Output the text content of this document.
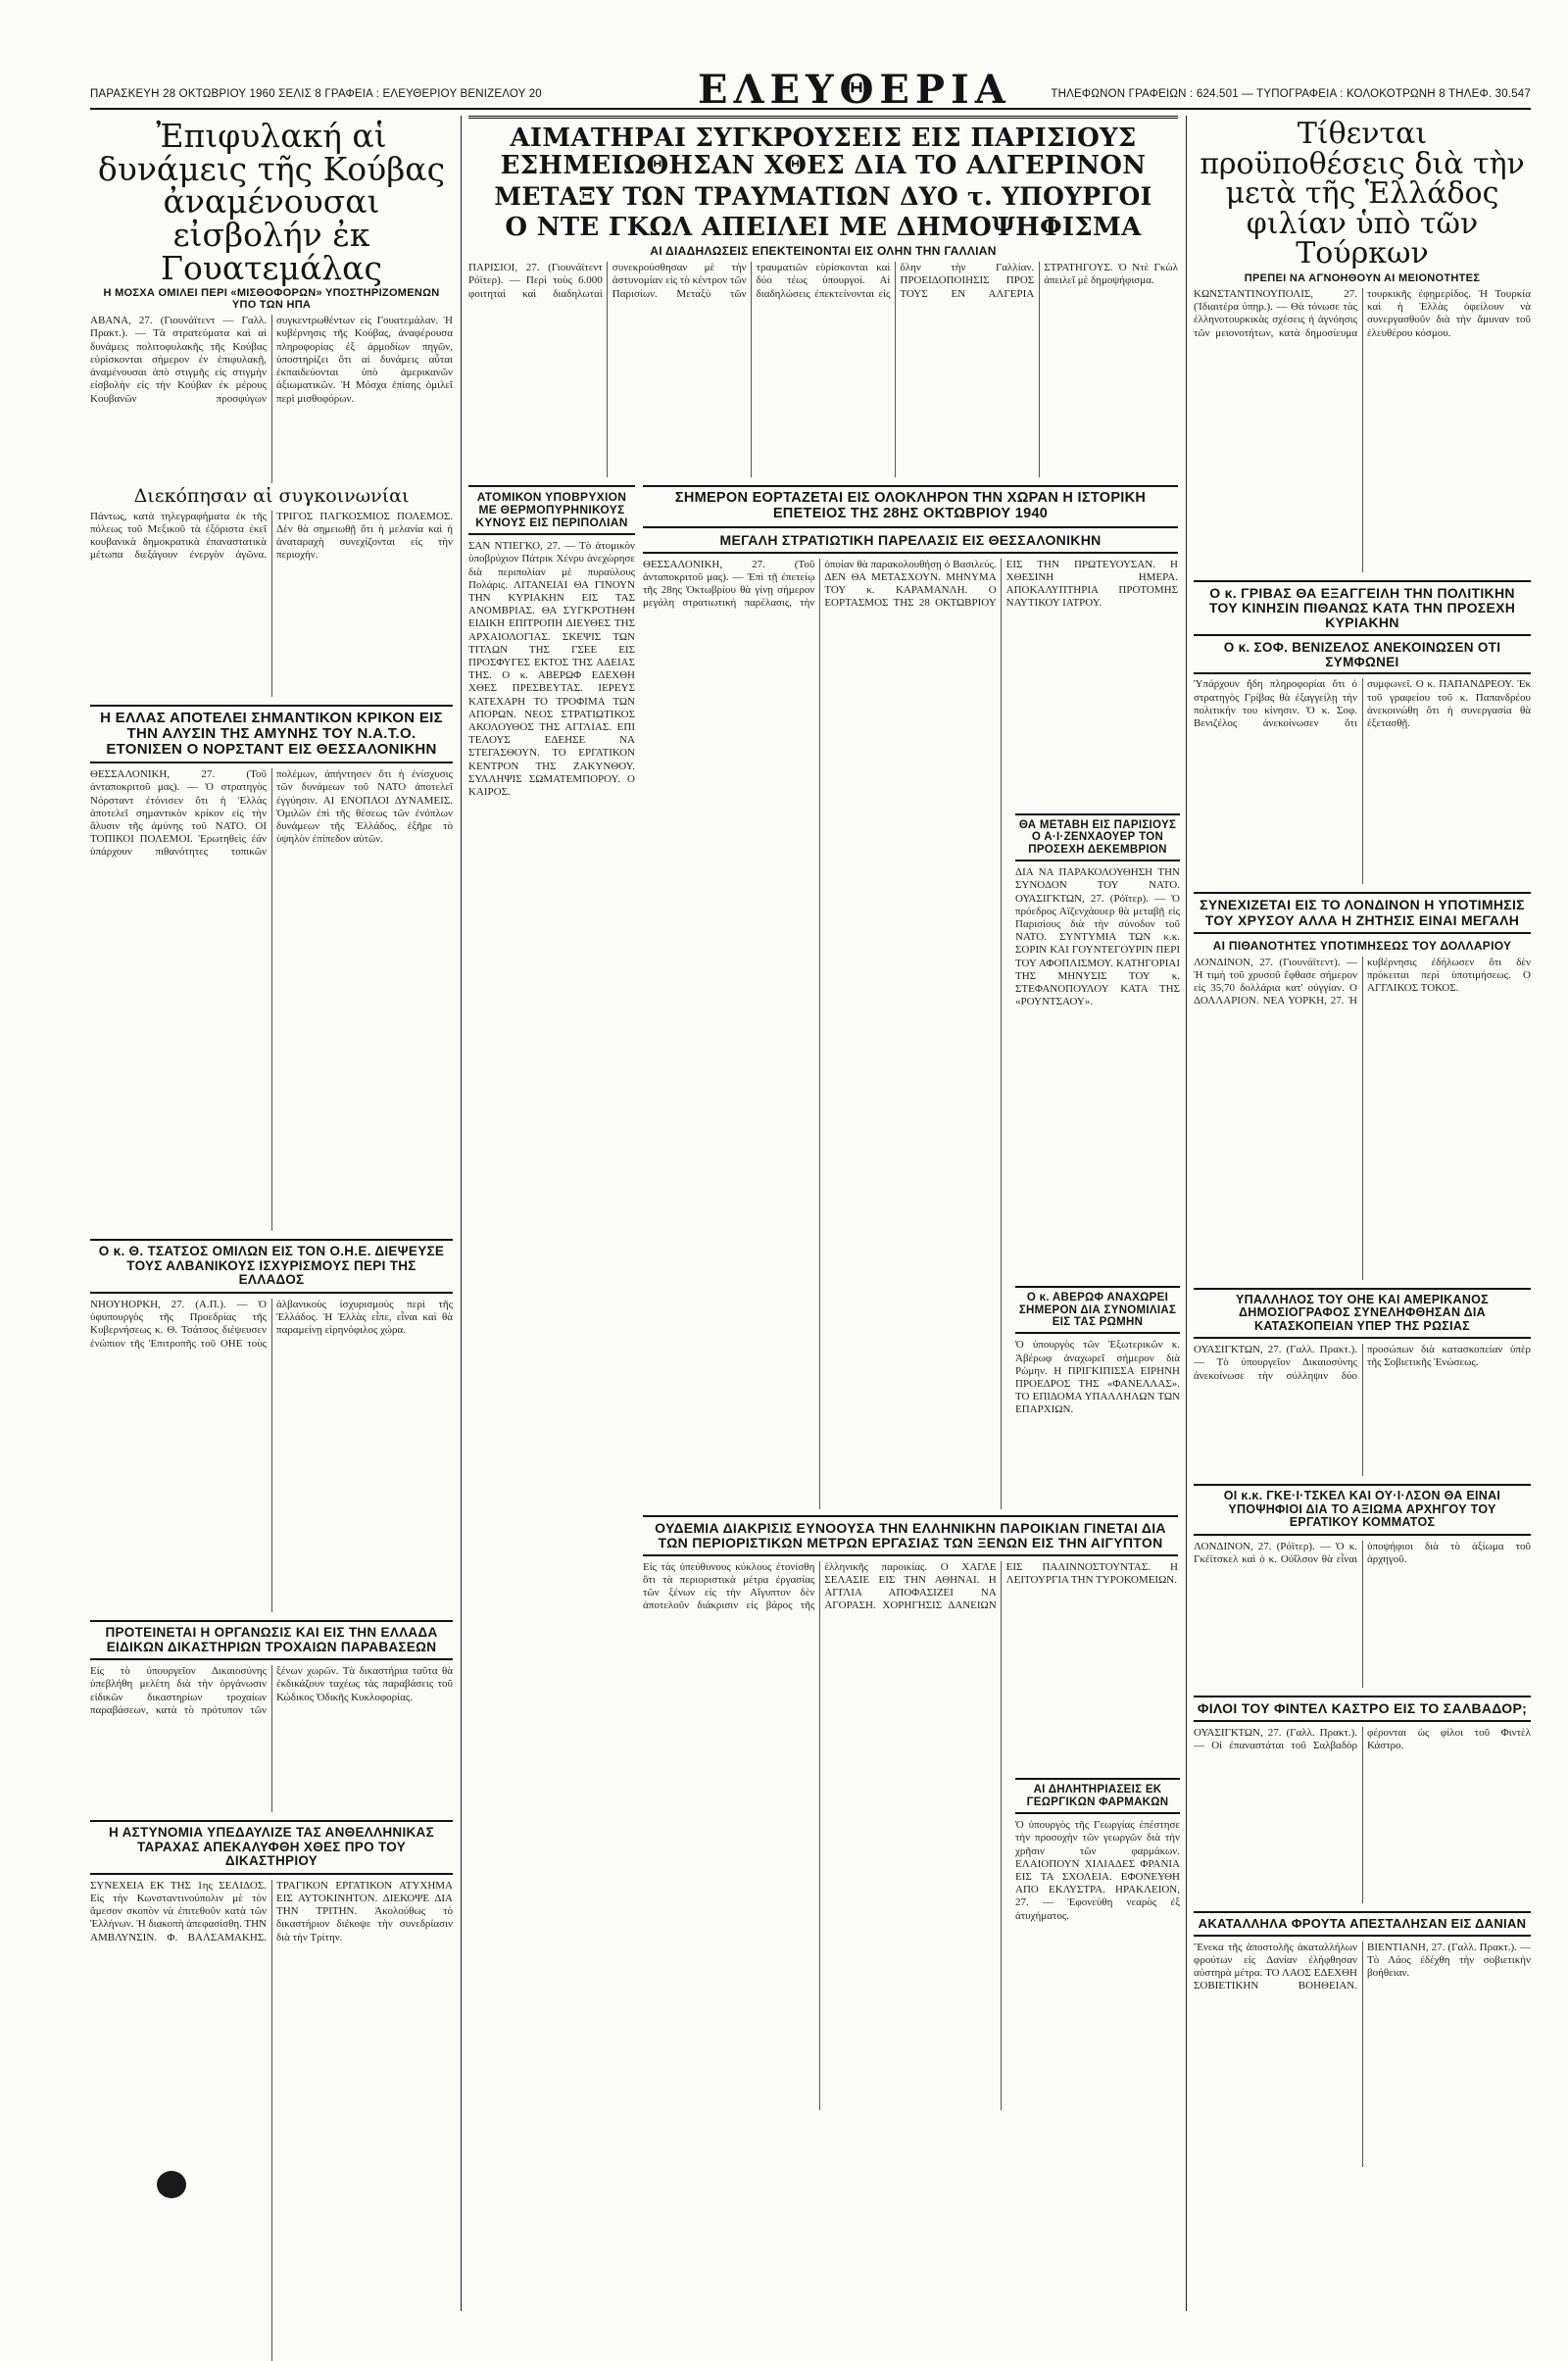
ΠΑΡΑΣΚΕΥΗ 28 ΟΚΤΩΒΡΙΟΥ 1960 ΣΕΛΙΣ 8 ΓΡΑΦΕΙΑ : ΕΛΕΥΘΕΡΙΟΥ ΒΕΝΙΖΕΛΟΥ 20	ΕΛΕΥΘΕΡΙΑ	ΤΗΛΕΦΩΝΟΝ ΓΡΑΦΕΙΩΝ : 624.501 — ΤΥΠΟΓΡΑΦΕΙΑ : ΚΟΛΟΚΟΤΡΩΝΗ 8 ΤΗΛΕΦ. 30.547
Ἐπιφυλακή αἱ δυνάμεις τῆς Κούβας ἀναμένουσαι εἰσβολήν ἐκ Γουατεμάλας
Η ΜΟΣΧΑ ΟΜΙΛΕΙ ΠΕΡΙ «ΜΙΣΘΟΦΟΡΩΝ» ΥΠΟΣΤΗΡΙΖΟΜΕΝΩΝ ΥΠΟ ΤΩΝ ΗΠΑ
ΑΒΑΝΑ, 27. (Γιουνάϊτεντ — Γαλλ. Πρακτ.). — Τὰ στρατεύματα καὶ αἱ δυνάμεις πολιτοφυλακῆς τῆς Κούβας εὑρίσκονται σήμερον ἐν ἐπιφυλακῇ, ἀναμένουσαι ἀπὸ στιγμῆς εἰς στιγμὴν εἰσβολὴν εἰς τὴν Κούβαν ἐκ μέρους Κουβανῶν προσφύγων συγκεντρωθέντων εἰς Γουατεμάλαν. Ἡ κυβέρνησις τῆς Κούβας, ἀναφέρουσα πληροφορίας ἐξ ἀρμοδίων πηγῶν, ὑποστηρίζει ὅτι αἱ δυνάμεις αὗται ἐκπαιδεύονται ὑπὸ ἀμερικανῶν ἀξιωματικῶν. Ἡ Μόσχα ἐπίσης ὁμιλεῖ περὶ μισθοφόρων.
Διεκόπησαν αἱ συγκοινωνίαι
Πάντως, κατὰ τηλεγραφήματα ἐκ τῆς πόλεως τοῦ Μεξικοῦ τὰ ἐξόριστα ἐκεῖ κουβανικὰ δημοκρατικὰ ἐπαναστατικὰ μέτωπα διεξάγουν ἐνεργὸν ἀγῶνα. ΤΡΙΓΟΣ ΠΑΓΚΟΣΜΙΟΣ ΠΟΛΕΜΟΣ. Δὲν θὰ σημειωθῇ ὅτι ἡ μελανία καὶ ἡ ἀναταραχὴ συνεχίζονται εἰς τὴν περιοχήν.
Η ΕΛΛΑΣ ΑΠΟΤΕΛΕΙ ΣΗΜΑΝΤΙΚΟΝ ΚΡΙΚΟΝ ΕΙΣ ΤΗΝ ΑΛΥΣΙΝ ΤΗΣ ΑΜΥΝΗΣ ΤΟΥ Ν.Α.Τ.Ο. ΕΤΟΝΙΣΕΝ Ο ΝΟΡΣΤΑΝΤ ΕΙΣ ΘΕΣΣΑΛΟΝΙΚΗΝ
ΘΕΣΣΑΛΟΝΙΚΗ, 27. (Τοῦ ἀνταποκριτοῦ μας). — Ὁ στρατηγὸς Νόρσταντ ἐτόνισεν ὅτι ἡ Ἑλλὰς ἀποτελεῖ σημαντικὸν κρίκον εἰς τὴν ἄλυσιν τῆς ἀμύνης τοῦ ΝΑΤΟ. ΟΙ ΤΟΠΙΚΟΙ ΠΟΛΕΜΟΙ. Ἐρωτηθεὶς ἐάν ὑπάρχουν πιθανότητες τοπικῶν πολέμων, ἀπήντησεν ὅτι ἡ ἐνίσχυσις τῶν δυνάμεων τοῦ ΝΑΤΟ ἀποτελεῖ ἐγγύησιν. ΑΙ ΕΝΟΠΛΟΙ ΔΥΝΑΜΕΙΣ. Ὁμιλῶν ἐπὶ τῆς θέσεως τῶν ἐνόπλων δυνάμεων τῆς Ἑλλάδος, ἐξῆρε τὸ ὑψηλὸν ἐπίπεδον αὐτῶν.
Ο κ. Θ. ΤΣΑΤΣΟΣ ΟΜΙΛΩΝ ΕΙΣ ΤΟΝ Ο.Η.Ε. ΔΙΕΨΕΥΣΕ ΤΟΥΣ ΑΛΒΑΝΙΚΟΥΣ ΙΣΧΥΡΙΣΜΟΥΣ ΠΕΡΙ ΤΗΣ ΕΛΛΑΔΟΣ
ΝΗΟΥΗΟΡΚΗ, 27. (Α.Π.). — Ὁ ὑφυπουργὸς τῆς Προεδρίας τῆς Κυβερνήσεως κ. Θ. Τσάτσος διέψευσεν ἐνώπιον τῆς Ἐπιτροπῆς τοῦ ΟΗΕ τοὺς ἀλβανικοὺς ἰσχυρισμοὺς περὶ τῆς Ἑλλάδος. Ἡ Ἑλλὰς εἶπε, εἶναι καὶ θὰ παραμείνῃ εἰρηνόφιλος χώρα.
ΠΡΟΤΕΙΝΕΤΑΙ Η ΟΡΓΑΝΩΣΙΣ ΚΑΙ ΕΙΣ ΤΗΝ ΕΛΛΑΔΑ ΕΙΔΙΚΩΝ ΔΙΚΑΣΤΗΡΙΩΝ ΤΡΟΧΑΙΩΝ ΠΑΡΑΒΑΣΕΩΝ
Εἰς τὸ ὑπουργεῖον Δικαιοσύνης ὑπεβλήθη μελέτη διὰ τὴν ὀργάνωσιν εἰδικῶν δικαστηρίων τροχαίων παραβάσεων, κατὰ τὸ πρότυπον τῶν ξένων χωρῶν. Τὰ δικαστήρια ταῦτα θὰ ἐκδικάζουν ταχέως τὰς παραβάσεις τοῦ Κώδικος Ὁδικῆς Κυκλοφορίας.
Η ΑΣΤΥΝΟΜΙΑ ΥΠΕΔΑΥΛΙΖΕ ΤΑΣ ΑΝΘΕΛΛΗΝΙΚΑΣ ΤΑΡΑΧΑΣ ΑΠΕΚΑΛΥΦΘΗ ΧΘΕΣ ΠΡΟ ΤΟΥ ΔΙΚΑΣΤΗΡΙΟΥ
ΣΥΝΕΧΕΙΑ ΕΚ ΤΗΣ 1ης ΣΕΛΙΔΟΣ. Εἰς τὴν Κωνσταντινούπολιν μὲ τὸν ἄμεσον σκοπὸν νὰ ἐπιτεθοῦν κατὰ τῶν Ἑλλήνων. Ἡ διακοπὴ ἀπεφασίσθη. ΤΗΝ ΑΜΒΛΥΝΣΙΝ. Φ. ΒΑΛΣΑΜΑΚΗΣ. ΤΡΑΓΙΚΟΝ ΕΡΓΑΤΙΚΟΝ ΑΤΥΧΗΜΑ ΕΙΣ ΑΥΤΟΚΙΝΗΤΟΝ. ΔΙΕΚΟΨΕ ΔΙΑ ΤΗΝ ΤΡΙΤΗΝ. Ἀκολούθως τὸ δικαστήριον διέκοψε τὴν συνεδρίασιν διὰ τὴν Τρίτην.
ΑΙΜΑΤΗΡΑΙ ΣΥΓΚΡΟΥΣΕΙΣ ΕΙΣ ΠΑΡΙΣΙΟΥΣ ΕΣΗΜΕΙΩΘΗΣΑΝ ΧΘΕΣ ΔΙΑ ΤΟ ΑΛΓΕΡΙΝΟΝ
ΜΕΤΑΞΥ ΤΩΝ ΤΡΑΥΜΑΤΙΩΝ ΔΥΟ τ. ΥΠΟΥΡΓΟΙ
Ο ΝΤΕ ΓΚΩΛ ΑΠΕΙΛΕΙ ΜΕ ΔΗΜΟΨΗΦΙΣΜΑ
ΑΙ ΔΙΑΔΗΛΩΣΕΙΣ ΕΠΕΚΤΕΙΝΟΝΤΑΙ ΕΙΣ ΟΛΗΝ ΤΗΝ ΓΑΛΛΙΑΝ
ΠΑΡΙΣΙΟΙ, 27. (Γιουνάϊτεντ Ρόϊτερ). — Περὶ τοὺς 6.000 φοιτηταὶ καὶ διαδηλωταὶ συνεκρούσθησαν μὲ τὴν ἀστυνομίαν εἰς τὸ κέντρον τῶν Παρισίων. Μεταξὺ τῶν τραυματιῶν εὑρίσκονται καὶ δύο τέως ὑπουργοί. Αἱ διαδηλώσεις ἐπεκτείνονται εἰς ὅλην τὴν Γαλλίαν. ΠΡΟΕΙΔΟΠΟΙΗΣΙΣ ΠΡΟΣ ΤΟΥΣ ΕΝ ΑΛΓΕΡΙΑ ΣΤΡΑΤΗΓΟΥΣ. Ὁ Ντὲ Γκὼλ ἀπειλεῖ μὲ δημοψήφισμα.
ΑΤΟΜΙΚΟΝ ΥΠΟΒΡΥΧΙΟΝ ΜΕ ΘΕΡΜΟΠΥΡΗΝΙΚΟΥΣ ΚΥΝΟΥΣ ΕΙΣ ΠΕΡΙΠΟΛΙΑΝ
ΣΑΝ ΝΤΙΕΓΚΟ, 27. — Τὸ ἀτομικὸν ὑποβρύχιον Πάτρικ Χένρυ ἀνεχώρησε διὰ περιπολίαν μὲ πυραύλους Πολάρις. ΛΙΤΑΝΕΙΑΙ ΘΑ ΓΙΝΟΥΝ ΤΗΝ ΚΥΡΙΑΚΗΝ ΕΙΣ ΤΑΣ ΑΝΟΜΒΡΙΑΣ. ΘΑ ΣΥΓΚΡΟΤΗΘΗ ΕΙΔΙΚΗ ΕΠΙΤΡΟΠΗ ΔΙΕΥΘΕΣ ΤΗΣ ΑΡΧΑΙΟΛΟΓΙΑΣ. ΣΚΕΨΙΣ ΤΩΝ ΤΙΤΛΩΝ ΤΗΣ ΓΣΕΕ ΕΙΣ ΠΡΟΣΦΥΓΕΣ ΕΚΤΟΣ ΤΗΣ ΑΔΕΙΑΣ ΤΗΣ. Ο κ. ΑΒΕΡΩΦ ΕΔΕΧΘΗ ΧΘΕΣ ΠΡΕΣΒΕΥΤΑΣ. ΙΕΡΕΥΣ ΚΑΤΕΧΑΡΗ ΤΟ ΤΡΟΦΙΜΑ ΤΩΝ ΑΠΟΡΩΝ. ΝΕΟΣ ΣΤΡΑΤΙΩΤΙΚΟΣ ΑΚΟΛΟΥΘΟΣ ΤΗΣ ΑΓΓΛΙΑΣ. ΕΠΙ ΤΕΛΟΥΣ ΕΔΕΗΣΕ ΝΑ ΣΤΕΓΑΣΘΟΥΝ. ΤΟ ΕΡΓΑΤΙΚΟΝ ΚΕΝΤΡΟΝ ΤΗΣ ΖΑΚΥΝΘΟΥ. ΣΥΛΛΗΨΙΣ ΣΩΜΑΤΕΜΠΟΡΟΥ. Ο ΚΑΙΡΟΣ.
ΣΗΜΕΡΟΝ ΕΟΡΤΑΖΕΤΑΙ ΕΙΣ ΟΛΟΚΛΗΡΟΝ ΤΗΝ ΧΩΡΑΝ Η ΙΣΤΟΡΙΚΗ ΕΠΕΤΕΙΟΣ ΤΗΣ 28ΗΣ ΟΚΤΩΒΡΙΟΥ 1940
ΜΕΓΑΛΗ ΣΤΡΑΤΙΩΤΙΚΗ ΠΑΡΕΛΑΣΙΣ ΕΙΣ ΘΕΣΣΑΛΟΝΙΚΗΝ
ΘΕΣΣΑΛΟΝΙΚΗ, 27. (Τοῦ ἀνταποκριτοῦ μας). — Ἐπὶ τῇ ἐπετείῳ τῆς 28ης Ὀκτωβρίου θὰ γίνῃ σήμερον μεγάλη στρατιωτικὴ παρέλασις, τὴν ὁποίαν θὰ παρακολουθήσῃ ὁ Βασιλεύς. ΔΕΝ ΘΑ ΜΕΤΑΣΧΟΥΝ. ΜΗΝΥΜΑ ΤΟΥ κ. ΚΑΡΑΜΑΝΛΗ. Ο ΕΟΡΤΑΣΜΟΣ ΤΗΣ 28 ΟΚΤΩΒΡΙΟΥ ΕΙΣ ΤΗΝ ΠΡΩΤΕΥΟΥΣΑΝ. Η ΧΘΕΣΙΝΗ ΗΜΕΡΑ. ΑΠΟΚΑΛΥΠΤΗΡΙΑ ΠΡΟΤΟΜΗΣ ΝΑΥΤΙΚΟΥ ΙΑΤΡΟΥ.
ΟΥΔΕΜΙΑ ΔΙΑΚΡΙΣΙΣ ΕΥΝΟΟΥΣΑ ΤΗΝ ΕΛΛΗΝΙΚΗΝ ΠΑΡΟΙΚΙΑΝ ΓΙΝΕΤΑΙ ΔΙΑ ΤΩΝ ΠΕΡΙΟΡΙΣΤΙΚΩΝ ΜΕΤΡΩΝ ΕΡΓΑΣΙΑΣ ΤΩΝ ΞΕΝΩΝ ΕΙΣ ΤΗΝ ΑΙΓΥΠΤΟΝ
Εἰς τὰς ὑπεύθυνους κύκλους ἐτονίσθη ὅτι τὰ περιοριστικὰ μέτρα ἐργασίας τῶν ξένων εἰς τὴν Αἴγυπτον δὲν ἀποτελοῦν διάκρισιν εἰς βάρος τῆς ἑλληνικῆς παροικίας. Ο ΧΑΓΛΕ ΣΕΛΑΣΙΕ ΕΙΣ ΤΗΝ ΑΘΗΝΑΙ. Η ΑΓΓΛΙΑ ΑΠΟΦΑΣΙΖΕΙ ΝΑ ΑΓΟΡΑΣΗ. ΧΟΡΗΓΗΣΙΣ ΔΑΝΕΙΩΝ ΕΙΣ ΠΑΛΙΝΝΟΣΤΟΥΝΤΑΣ. Η ΛΕΙΤΟΥΡΓΙΑ ΤΗΝ ΤΥΡΟΚΟΜΕΙΩΝ.
Τίθενται προϋποθέσεις διὰ τὴν μετὰ τῆς Ἑλλάδος φιλίαν ὑπὸ τῶν Τούρκων
ΠΡΕΠΕΙ ΝΑ ΑΓΝΟΗΘΟΥΝ ΑΙ ΜΕΙΟΝΟΤΗΤΕΣ
ΚΩΝΣΤΑΝΤΙΝΟΥΠΟΛΙΣ, 27. (Ἰδιαιτέρα ὑπηρ.). — Θὰ τόνωσε τὰς ἑλληνοτουρκικὰς σχέσεις ἡ ἀγνόησις τῶν μειονοτήτων, κατὰ δημοσίευμα τουρκικῆς ἐφημερίδος. Ἡ Τουρκία καὶ ἡ Ἑλλὰς ὀφείλουν νὰ συνεργασθοῦν διὰ τὴν ἄμυναν τοῦ ἐλευθέρου κόσμου.
Ο κ. ΓΡΙΒΑΣ ΘΑ ΕΞΑΓΓΕΙΛΗ ΤΗΝ ΠΟΛΙΤΙΚΗΝ ΤΟΥ ΚΙΝΗΣΙΝ ΠΙΘΑΝΩΣ ΚΑΤΑ ΤΗΝ ΠΡΟΣΕΧΗ ΚΥΡΙΑΚΗΝ
Ο κ. ΣΟΦ. ΒΕΝΙΖΕΛΟΣ ΑΝΕΚΟΙΝΩΣΕΝ ΟΤΙ ΣΥΜΦΩΝΕΙ
Ὑπάρχουν ἤδη πληροφορίαι ὅτι ὁ στρατηγὸς Γρίβας θὰ ἐξαγγείλῃ τὴν πολιτικήν του κίνησιν. Ὁ κ. Σοφ. Βενιζέλος ἀνεκοίνωσεν ὅτι συμφωνεῖ. Ο κ. ΠΑΠΑΝΔΡΕΟΥ. Ἐκ τοῦ γραφείου τοῦ κ. Παπανδρέου ἀνεκοινώθη ὅτι ἡ συνεργασία θὰ ἐξετασθῇ.
ΣΥΝΕΧΙΖΕΤΑΙ ΕΙΣ ΤΟ ΛΟΝΔΙΝΟΝ Η ΥΠΟΤΙΜΗΣΙΣ ΤΟΥ ΧΡΥΣΟΥ ΑΛΛΑ Η ΖΗΤΗΣΙΣ ΕΙΝΑΙ ΜΕΓΑΛΗ
ΑΙ ΠΙΘΑΝΟΤΗΤΕΣ ΥΠΟΤΙΜΗΣΕΩΣ ΤΟΥ ΔΟΛΛΑΡΙΟΥ
ΛΟΝΔΙΝΟΝ, 27. (Γιουνάϊτεντ). — Ἡ τιμὴ τοῦ χρυσοῦ ἔφθασε σήμερον εἰς 35,70 δολλάρια κατ' οὐγγίαν. Ο ΔΟΛΛΑΡΙΟΝ. ΝΕΑ ΥΟΡΚΗ, 27. Ἡ κυβέρνησις ἐδήλωσεν ὅτι δὲν πρόκειται περὶ ὑποτιμήσεως. Ο ΑΓΓΛΙΚΟΣ ΤΟΚΟΣ.
ΥΠΑΛΛΗΛΟΣ ΤΟΥ ΟΗΕ ΚΑΙ ΑΜΕΡΙΚΑΝΟΣ ΔΗΜΟΣΙΟΓΡΑΦΟΣ ΣΥΝΕΛΗΦΘΗΣΑΝ ΔΙΑ ΚΑΤΑΣΚΟΠΕΙΑΝ ΥΠΕΡ ΤΗΣ ΡΩΣΙΑΣ
ΟΥΑΣΙΓΚΤΩΝ, 27. (Γαλλ. Πρακτ.). — Τὸ ὑπουργεῖον Δικαιοσύνης ἀνεκοίνωσε τὴν σύλληψιν δύο προσώπων διὰ κατασκοπείαν ὑπὲρ τῆς Σοβιετικῆς Ἑνώσεως.
ΟΙ κ.κ. ΓΚΕ·Ι·ΤΣΚΕΛ ΚΑΙ ΟΥ·Ι·ΛΣΟΝ ΘΑ ΕΙΝΑΙ ΥΠΟΨΗΦΙΟΙ ΔΙΑ ΤΟ ΑΞΙΩΜΑ ΑΡΧΗΓΟΥ ΤΟΥ ΕΡΓΑΤΙΚΟΥ ΚΟΜΜΑΤΟΣ
ΛΟΝΔΙΝΟΝ, 27. (Ρόϊτερ). — Ὁ κ. Γκέϊτσκελ καὶ ὁ κ. Οὐΐλσον θὰ εἶναι ὑποψήφιοι διὰ τὸ ἀξίωμα τοῦ ἀρχηγοῦ.
ΦΙΛΟΙ ΤΟΥ ΦΙΝΤΕΛ ΚΑΣΤΡΟ ΕΙΣ ΤΟ ΣΑΛΒΑΔΟΡ;
ΟΥΑΣΙΓΚΤΩΝ, 27. (Γαλλ. Πρακτ.). — Οἱ ἐπαναστάται τοῦ Σαλβαδὸρ φέρονται ὡς φίλοι τοῦ Φιντὲλ Κάστρο.
ΑΚΑΤΑΛΛΗΛΑ ΦΡΟΥΤΑ ΑΠΕΣΤΑΛΗΣΑΝ ΕΙΣ ΔΑΝΙΑΝ
Ἕνεκα τῆς ἀποστολῆς ἀκαταλλήλων φρούτων εἰς Δανίαν ἐλήφθησαν αὐστηρὰ μέτρα. ΤΟ ΛΑΟΣ ΕΔΕΧΘΗ ΣΟΒΙΕΤΙΚΗΝ ΒΟΗΘΕΙΑΝ. ΒΙΕΝΤΙΑΝΗ, 27. (Γαλλ. Πρακτ.). — Τὸ Λάος ἐδέχθη τὴν σοβιετικὴν βοήθειαν.
ΘΑ ΜΕΤΑΒΗ ΕΙΣ ΠΑΡΙΣΙΟΥΣ Ο Α·Ι·ΖΕΝΧΑΟΥΕΡ ΤΟΝ ΠΡΟΣΕΧΗ ΔΕΚΕΜΒΡΙΟΝ
ΔΙΑ ΝΑ ΠΑΡΑΚΟΛΟΥΘΗΣΗ ΤΗΝ ΣΥΝΟΔΟΝ ΤΟΥ ΝΑΤΟ. ΟΥΑΣΙΓΚΤΩΝ, 27. (Ρόϊτερ). — Ὁ πρόεδρος Αϊζενχάουερ θὰ μεταβῇ εἰς Παρισίους διὰ τὴν σύνοδον τοῦ ΝΑΤΟ. ΣΥΝΤΥΜΙΑ ΤΩΝ κ.κ. ΣΟΡΙΝ ΚΑΙ ΓΟΥΝΤΕΓΟΥΡΙΝ ΠΕΡΙ ΤΟΥ ΑΦΟΠΛΙΣΜΟΥ. ΚΑΤΗΓΟΡΙΑΙ ΤΗΣ ΜΗΝΥΣΙΣ ΤΟΥ κ. ΣΤΕΦΑΝΟΠΟΥΛΟΥ ΚΑΤΑ ΤΗΣ «ΡΟΥΝΤΣΑΟΥ».
Ο κ. ΑΒΕΡΩΦ ΑΝΑΧΩΡΕΙ ΣΗΜΕΡΟΝ ΔΙΑ ΣΥΝΟΜΙΛΙΑΣ ΕΙΣ ΤΑΣ ΡΩΜΗΝ
Ὁ ὑπουργὸς τῶν Ἐξωτερικῶν κ. Ἀβέρωφ ἀναχωρεῖ σήμερον διὰ Ρώμην. Η ΠΡΙΓΚΙΠΙΣΣΑ ΕΙΡΗΝΗ ΠΡΟΕΔΡΟΣ ΤΗΣ «ΦΑΝΕΛΛΑΣ». ΤΟ ΕΠΙΔΟΜΑ ΥΠΑΛΛΗΛΩΝ ΤΩΝ ΕΠΑΡΧΙΩΝ.
ΑΙ ΔΗΛΗΤΗΡΙΑΣΕΙΣ ΕΚ ΓΕΩΡΓΙΚΩΝ ΦΑΡΜΑΚΩΝ
Ὁ ὑπουργὸς τῆς Γεωργίας ἐπέστησε τὴν προσοχὴν τῶν γεωργῶν διὰ τὴν χρῆσιν τῶν φαρμάκων. ΕΛΑΙΟΠΟΥΝ ΧΙΛΙΑΔΕΣ ΦΡΑΝΙΑ ΕΙΣ ΤΑ ΣΧΟΛΕΙΑ. ΕΦΟΝΕΥΘΗ ΑΠΟ ΕΚΛΥΣΤΡΑ. ΗΡΑΚΛΕΙΟΝ, 27. — Ἐφονεύθη νεαρὸς ἐξ ἀτυχήματος.
